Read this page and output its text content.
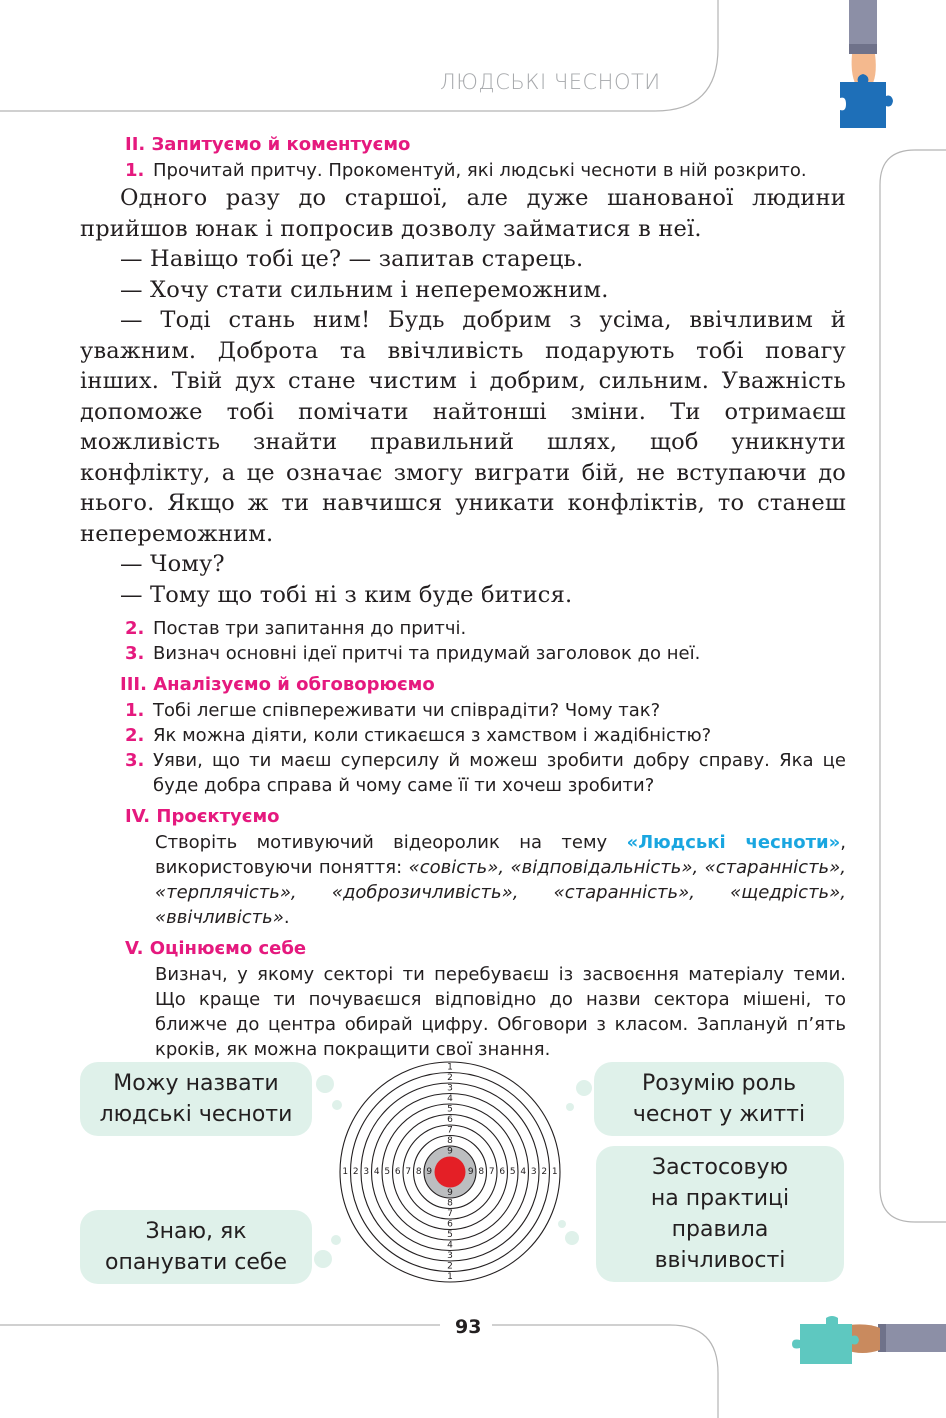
ЛЮДСЬКІ ЧЕСНОТИ
II. Запитуємо й коментуємо
1. Прочитай притчу. Прокоментуй, які людські чесноти в ній розкрито.

Одного разу до старшої, але дуже шанованої людини прийшов юнак і попросив дозволу займатися в неї.

— Навіщо тобі це? — запитав старець.

— Хочу стати сильним і непереможним.

— Тоді стань ним! Будь добрим з усіма, ввічливим й уважним. Доброта та ввічливість подарують тобі повагу інших. Твій дух стане чистим і добрим, сильним. Уважність допоможе тобі помічати найтонші зміни. Ти отримаєш можливість знайти правильний шлях, щоб уникнути конфлікту, а це означає змогу виграти бій, не вступаючи до нього. Якщо ж ти навчишся уникати конфліктів, то станеш непереможним.

— Чому?

— Тому що тобі ні з ким буде битися.

2. Постав три запитання до притчі.
3. Визнач основні ідеї притчі та придумай заголовок до неї.
III. Аналізуємо й обговорюємо
1. Тобі легше співпереживати чи співрадіти? Чому так?
2. Як можна діяти, коли стикаєшся з хамством і жадібністю?
3. Уяви, що ти маєш суперсилу й можеш зробити добру справу. Яка це буде добра справа й чому саме її ти хочеш зробити?
IV. Проєктуємо
Створіть мотивуючий відеоролик на тему «Людські чесноти», використовуючи поняття: «совість», «відповідальність», «старанність», «терплячість», «доброзичливість», «старанність», «щедрість», «ввічливість».
V. Оцінюємо себе
Визнач, у якому секторі ти перебуваєш із засвоєння матеріалу теми. Що краще ти почуваєшся відповідно до назви сектора мішені, то ближче до центра обирай цифру. Обговори з класом. Заплануй п’ять кроків, як можна покращити свої знання.
Можу назвати
людські чесноти
Розумію роль
чеснот у житті
Знаю, як
опанувати себе
Застосовую
на практиці
правила
ввічливості
1
1
1	1
2
2
2	2
3
3
3	3
4
4
4	4
5
5
5	5
6
6
6	6
7
7
7	7
8
8
8	8
9
9
9	9
93
